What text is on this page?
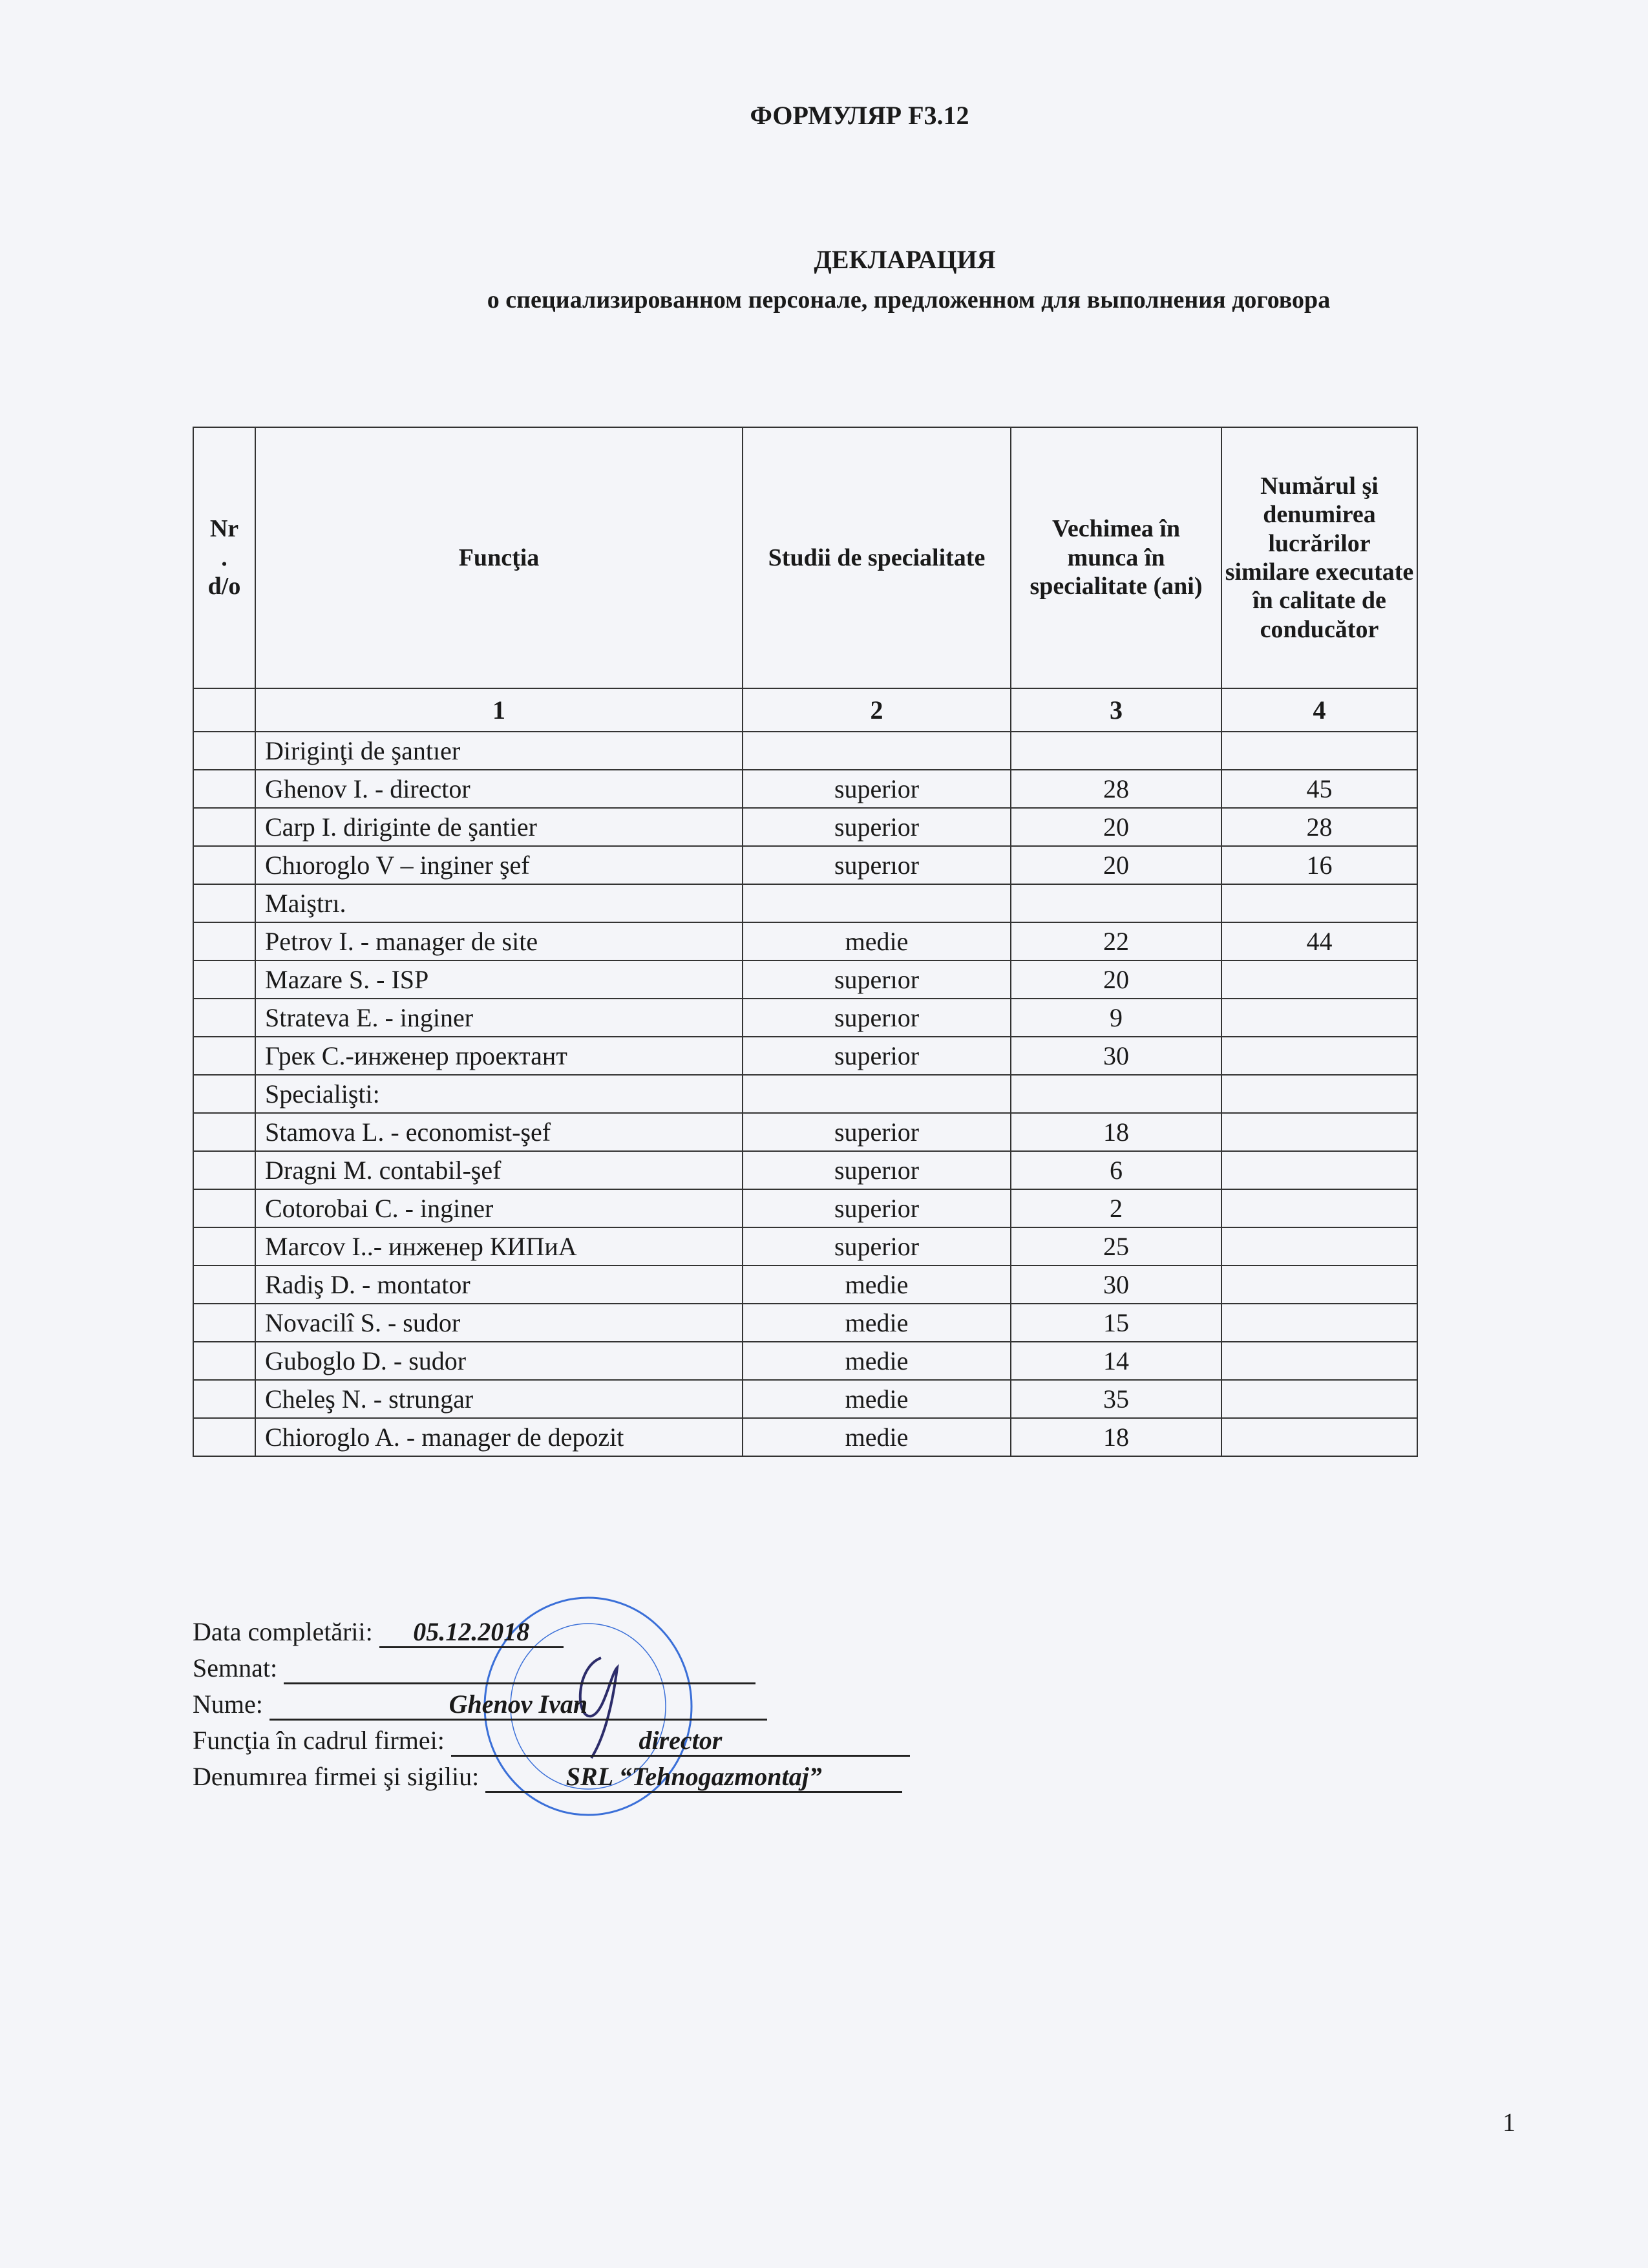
ФОРМУЛЯР F3.12
ДЕКЛАРАЦИЯ
о специализированном персонале, предложенном для выполнения договора
Nr
.
d/o	Funcţia	Studii de specialitate	Vechimea în munca în specialitate (ani)	Numărul şi denumirea lucrărilor similare executate în calitate de conducător
	1	2	3	4
	Diriginţi de şantıer			
	Ghenov I. - director	superior	28	45
	Carp I. diriginte de şantier	superior	20	28
	Chıoroglo V – inginer şef	superıor	20	16
	Maiştrı.			
	Petrov I. - manager de site	medie	22	44
	Mazare S. - ISP	superıor	20	
	Strateva E. - inginer	superıor	9	
	Грек С.-инженер проектант	superior	30	
	Specialişti:			
	Stamova L. - economist-şef	superior	18	
	Dragni M. contabil-şef	superıor	6	
	Cotorobai C. - inginer	superior	2	
	Marcov I..- инженер КИПиА	superior	25	
	Radiş D. - montator	medie	30	
	Novacilî S. - sudor	medie	15	
	Guboglo D. - sudor	medie	14	
	Cheleş N. - strungar	medie	35	
	Chioroglo A. - manager de depozit	medie	18	
Data completării: 05.12.2018
Semnat:
Nume:	Ghenov Ivan
Funcţia în cadrul firmei:	director
Denumırea firmei şi sigiliu:	SRL “Tehnogazmontaj”
1
